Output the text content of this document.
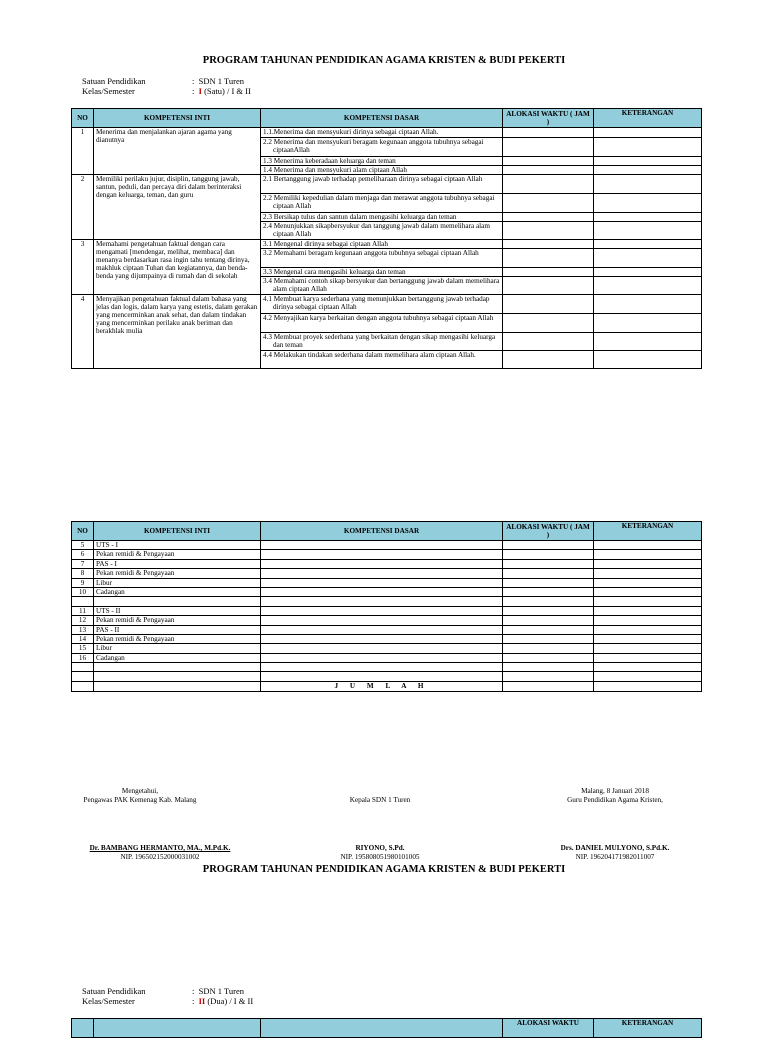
PROGRAM TAHUNAN PENDIDIKAN AGAMA KRISTEN & BUDI PEKERTI
Satuan Pendidikan	:  SDN 1 Turen
Kelas/Semester	:  I (Satu) / I & II
NO	KOMPETENSI INTI	KOMPETENSI DASAR	ALOKASI WAKTU ( JAM )	KETERANGAN
1	Menerima dan menjalankan ajaran agama yang dianutnya	1.1.Menerima dan mensyukuri dirinya sebagai ciptaan Allah.		
		2.2 Menerima dan mensyukuri beragam kegunaan anggota tubuhnya sebagai ciptaanAllah		
		1.3 Menerima keberadaan keluarga dan teman		
		1.4 Menerima dan mensyukuri alam ciptaan Allah		
2	Memiliki perilaku jujur, disiplin, tanggung jawab, santun, peduli, dan percaya diri dalam berinteraksi dengan keluarga, teman, dan guru	2.1 Bertanggung jawab terhadap pemeliharaan dirinya sebagai ciptaan Allah		
		2.2 Memiliki kepedulian dalam menjaga dan merawat anggota tubuhnya sebagai ciptaan Allah		
		2.3 Bersikap tulus dan santun dalam mengasihi keluarga dan teman		
		2.4 Menunjukkan sikapbersyukur dan tanggung jawab dalam memelihara alam ciptaan Allah		
3	Memahami pengetahuan faktual dengan cara mengamati [mendengar, melihat, membaca] dan menanya berdasarkan rasa ingin tahu tentang dirinya, makhluk ciptaan Tuhan dan kegiatannya, dan benda-benda yang dijumpainya di rumah dan di sekolah	3.1 Mengenal dirinya sebagai ciptaan Allah		
		3.2 Memahami beragam kegunaan anggota tubuhnya sebagai ciptaan Allah		
		3.3 Mengenal cara mengasihi keluarga dan teman		
		3.4 Memahami contoh sikap bersyukur dan bertanggung jawab dalam memelihara alam ciptaan Allah		
4	Menyajikan pengetahuan faktual dalam bahasa yang jelas dan logis, dalam karya yang estetis, dalam gerakan yang mencerminkan anak sehat, dan dalam tindakan yang mencerminkan perilaku anak beriman dan berakhlak mulia	4.1 Membuat karya sederhana yang menunjukkan bertanggung jawab terhadap dirinya sebagai ciptaan Allah		
		4.2 Menyajikan karya berkaitan dengan anggota tubuhnya sebagai ciptaan Allah		
		4.3 Membuat proyek sederhana yang berkaitan dengan sikap mengasihi keluarga dan teman		
		4.4 Melakukan tindakan sederhana dalam memelihara alam ciptaan Allah.		
NO	KOMPETENSI INTI	KOMPETENSI DASAR	ALOKASI WAKTU ( JAM )	KETERANGAN
5	UTS - I			
6	Pekan remidi & Pengayaan			
7	PAS - I			
8	Pekan remidi & Pengayaan			
9	Libur			
10	Cadangan			

11	UTS - II			
12	Pekan remidi & Pengayaan			
13	PAS - II			
14	Pekan remidi & Pengayaan			
15	Libur			
16	Cadangan			

		J U M L A H		
Mengetahui,
Pengawas PAK Kemenag Kab. Malang	Kepala SDN 1 Turen
Malang, 8 Januari 2018
Guru Pendidikan Agama Kristen,
Dr. BAMBANG HERMANTO, MA., M.Pd.K.
NIP. 196502152000031002
RIYONO, S.Pd.
NIP. 195808051980101005
Drs. DANIEL MULYONO, S.Pd.K.
NIP. 196204171982011007
PROGRAM TAHUNAN PENDIDIKAN AGAMA KRISTEN & BUDI PEKERTI
Satuan Pendidikan	:  SDN 1 Turen
Kelas/Semester	:  II (Dua) / I & II
			ALOKASI WAKTU	KETERANGAN
